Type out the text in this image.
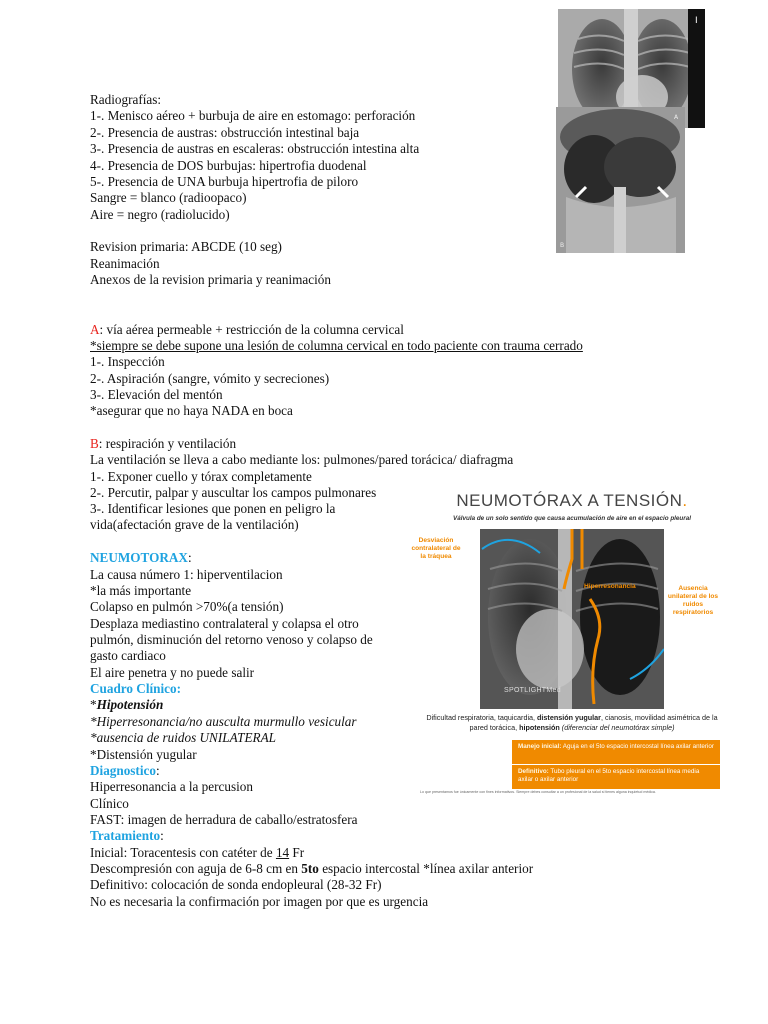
I
B
A
Radiografías:
1-. Menisco aéreo + burbuja de aire en estomago: perforación
2-. Presencia de austras: obstrucción intestinal baja
3-. Presencia de austras en escaleras: obstrucción intestina alta
4-. Presencia de DOS burbujas: hipertrofia duodenal
5-. Presencia de UNA burbuja hipertrofia de piloro
Sangre = blanco (radioopaco)
Aire = negro (radiolucido)
Revision primaria: ABCDE (10 seg)
Reanimación
Anexos de la revision primaria y reanimación
A: vía aérea permeable + restricción de la columna cervical
*siempre se debe supone una lesión de columna cervical en todo paciente con trauma cerrado
1-. Inspección
2-. Aspiración (sangre, vómito y secreciones)
3-. Elevación del mentón
*asegurar que no haya NADA en boca
B: respiración y ventilación
La ventilación se lleva a cabo mediante los: pulmones/pared torácica/ diafragma
1-. Exponer cuello y tórax completamente
2-. Percutir, palpar y auscultar los campos pulmonares
3-. Identificar lesiones que ponen en peligro la
vida(afectación grave de la ventilación)
NEUMOTORAX:
La causa número 1: hiperventilacion
*la más importante
Colapso en pulmón >70%(a tensión)
Desplaza mediastino contralateral y colapsa el otro
pulmón, disminución del retorno venoso y colapso de
gasto cardiaco
El aire penetra y no puede salir
Cuadro Clínico:
*Hipotensión
*Hiperresonancia/no ausculta murmullo vesicular
*ausencia de ruidos UNILATERAL
*Distensión yugular
Diagnostico:
Hiperresonancia a la percusion
Clínico
FAST: imagen de herradura de caballo/estratosfera
Tratamiento:
Inicial: Toracentesis con catéter de 14 Fr
Descompresión con aguja de 6-8 cm en 5to espacio intercostal *línea axilar anterior
Definitivo: colocación de sonda endopleural (28-32 Fr)
No es necesaria la confirmación por imagen por que es urgencia
NEUMOTÓRAX A TENSIÓN.
Válvula de un solo sentido que causa acumulación de aire en el espacio pleural
Desviación contralateral de la tráquea
Hiperresonancia	Ausencia unilateral de los ruidos respiratorios
SPOTLIGHTMed
Dificultad respiratoria, taquicardia, distensión yugular, cianosis, movilidad asimétrica de la pared torácica, hipotensión (diferenciar del neumotórax simple)
Manejo inicial: Aguja en el 5to espacio intercostal línea axilar anterior
Definitivo: Tubo pleural en el 5to espacio intercostal línea media axilar o axilar anterior
Lo que presentamos fue únicamente con fines informativos. Siempre debes consultar a un profesional de la salud si tienes alguna inquietud médica.
